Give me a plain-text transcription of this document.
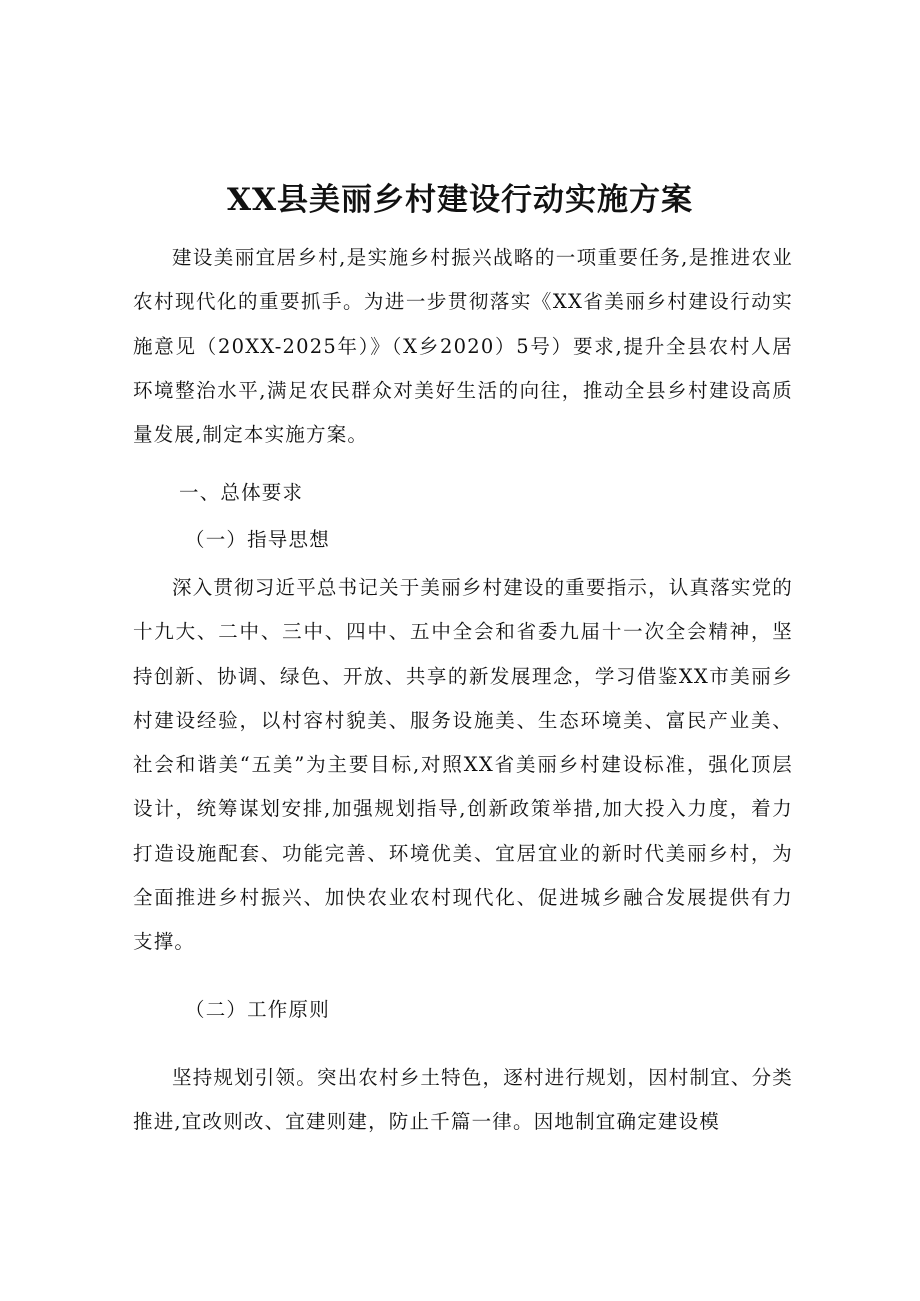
XX县美丽乡村建设行动实施方案

建设美丽宜居乡村,是实施乡村振兴战略的一项重要任务,是推进农业农村现代化的重要抓手。为进一步贯彻落实《XX省美丽乡村建设行动实施意见（20XX-2025年）》（X乡2020）5号）要求,提升全县农村人居环境整治水平,满足农民群众对美好生活的向往，推动全县乡村建设高质量发展,制定本实施方案。

一、总体要求
（一）指导思想

深入贯彻习近平总书记关于美丽乡村建设的重要指示，认真落实党的十九大、二中、三中、四中、五中全会和省委九届十一次全会精神，坚持创新、协调、绿色、开放、共享的新发展理念，学习借鉴XX市美丽乡村建设经验，以村容村貌美、服务设施美、生态环境美、富民产业美、社会和谐美“五美”为主要目标,对照XX省美丽乡村建设标准，强化顶层设计，统筹谋划安排,加强规划指导,创新政策举措,加大投入力度，着力打造设施配套、功能完善、环境优美、宜居宜业的新时代美丽乡村，为全面推进乡村振兴、加快农业农村现代化、促进城乡融合发展提供有力支撑。

（二）工作原则

坚持规划引领。突出农村乡土特色，逐村进行规划，因村制宜、分类推进,宜改则改、宜建则建，防止千篇一律。因地制宜确定建设模
